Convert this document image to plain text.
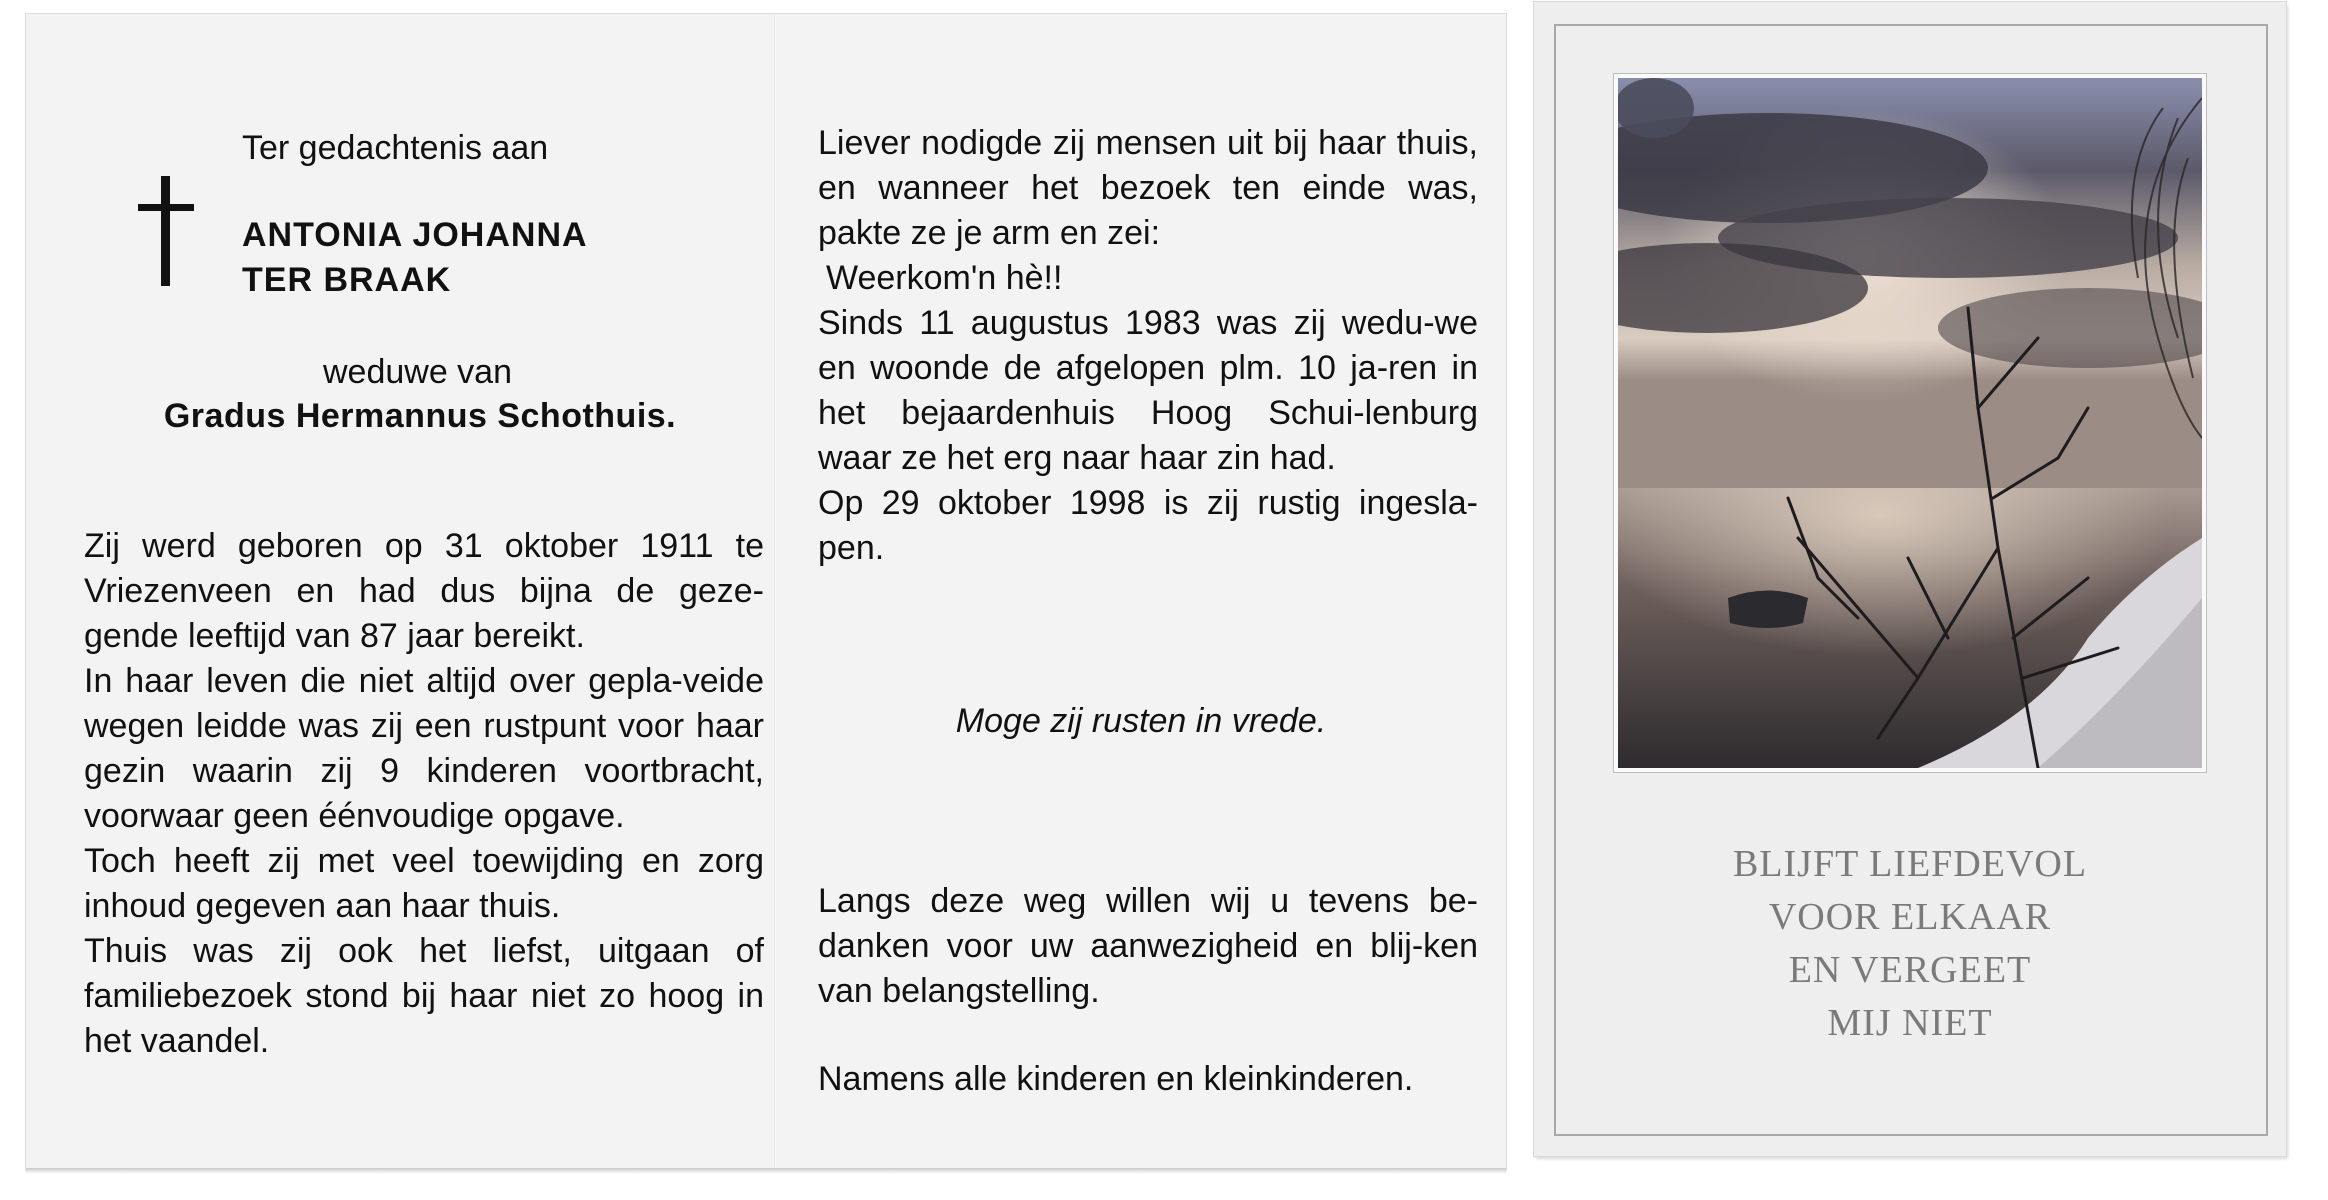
Ter gedachtenis aan

ANTONIA JOHANNA
TER BRAAK

weduwe van

Gradus Hermannus Schothuis.

Zij werd geboren op 31 oktober 1911 te Vriezenveen en had dus bijna de geze-gende leeftijd van 87 jaar bereikt.

In haar leven die niet altijd over gepla-veide wegen leidde was zij een rustpunt voor haar gezin waarin zij 9 kinderen voortbracht, voorwaar geen éénvoudige opgave.

Toch heeft zij met veel toewijding en zorg inhoud gegeven aan haar thuis.

Thuis was zij ook het liefst, uitgaan of familiebezoek stond bij haar niet zo hoog in het vaandel.

Liever nodigde zij mensen uit bij haar thuis, en wanneer het bezoek ten einde was, pakte ze je arm en zei:

Weerkom'n hè!!

Sinds 11 augustus 1983 was zij wedu-we en woonde de afgelopen plm. 10 ja-ren in het bejaardenhuis Hoog Schui-lenburg waar ze het erg naar haar zin had.

Op 29 oktober 1998 is zij rustig ingesla-pen.

Moge zij rusten in vrede.

Langs deze weg willen wij u tevens be-danken voor uw aanwezigheid en blij-ken van belangstelling.

Namens alle kinderen en kleinkinderen.

BLIJFT LIEFDEVOL
VOOR ELKAAR
EN VERGEET
MIJ NIET
